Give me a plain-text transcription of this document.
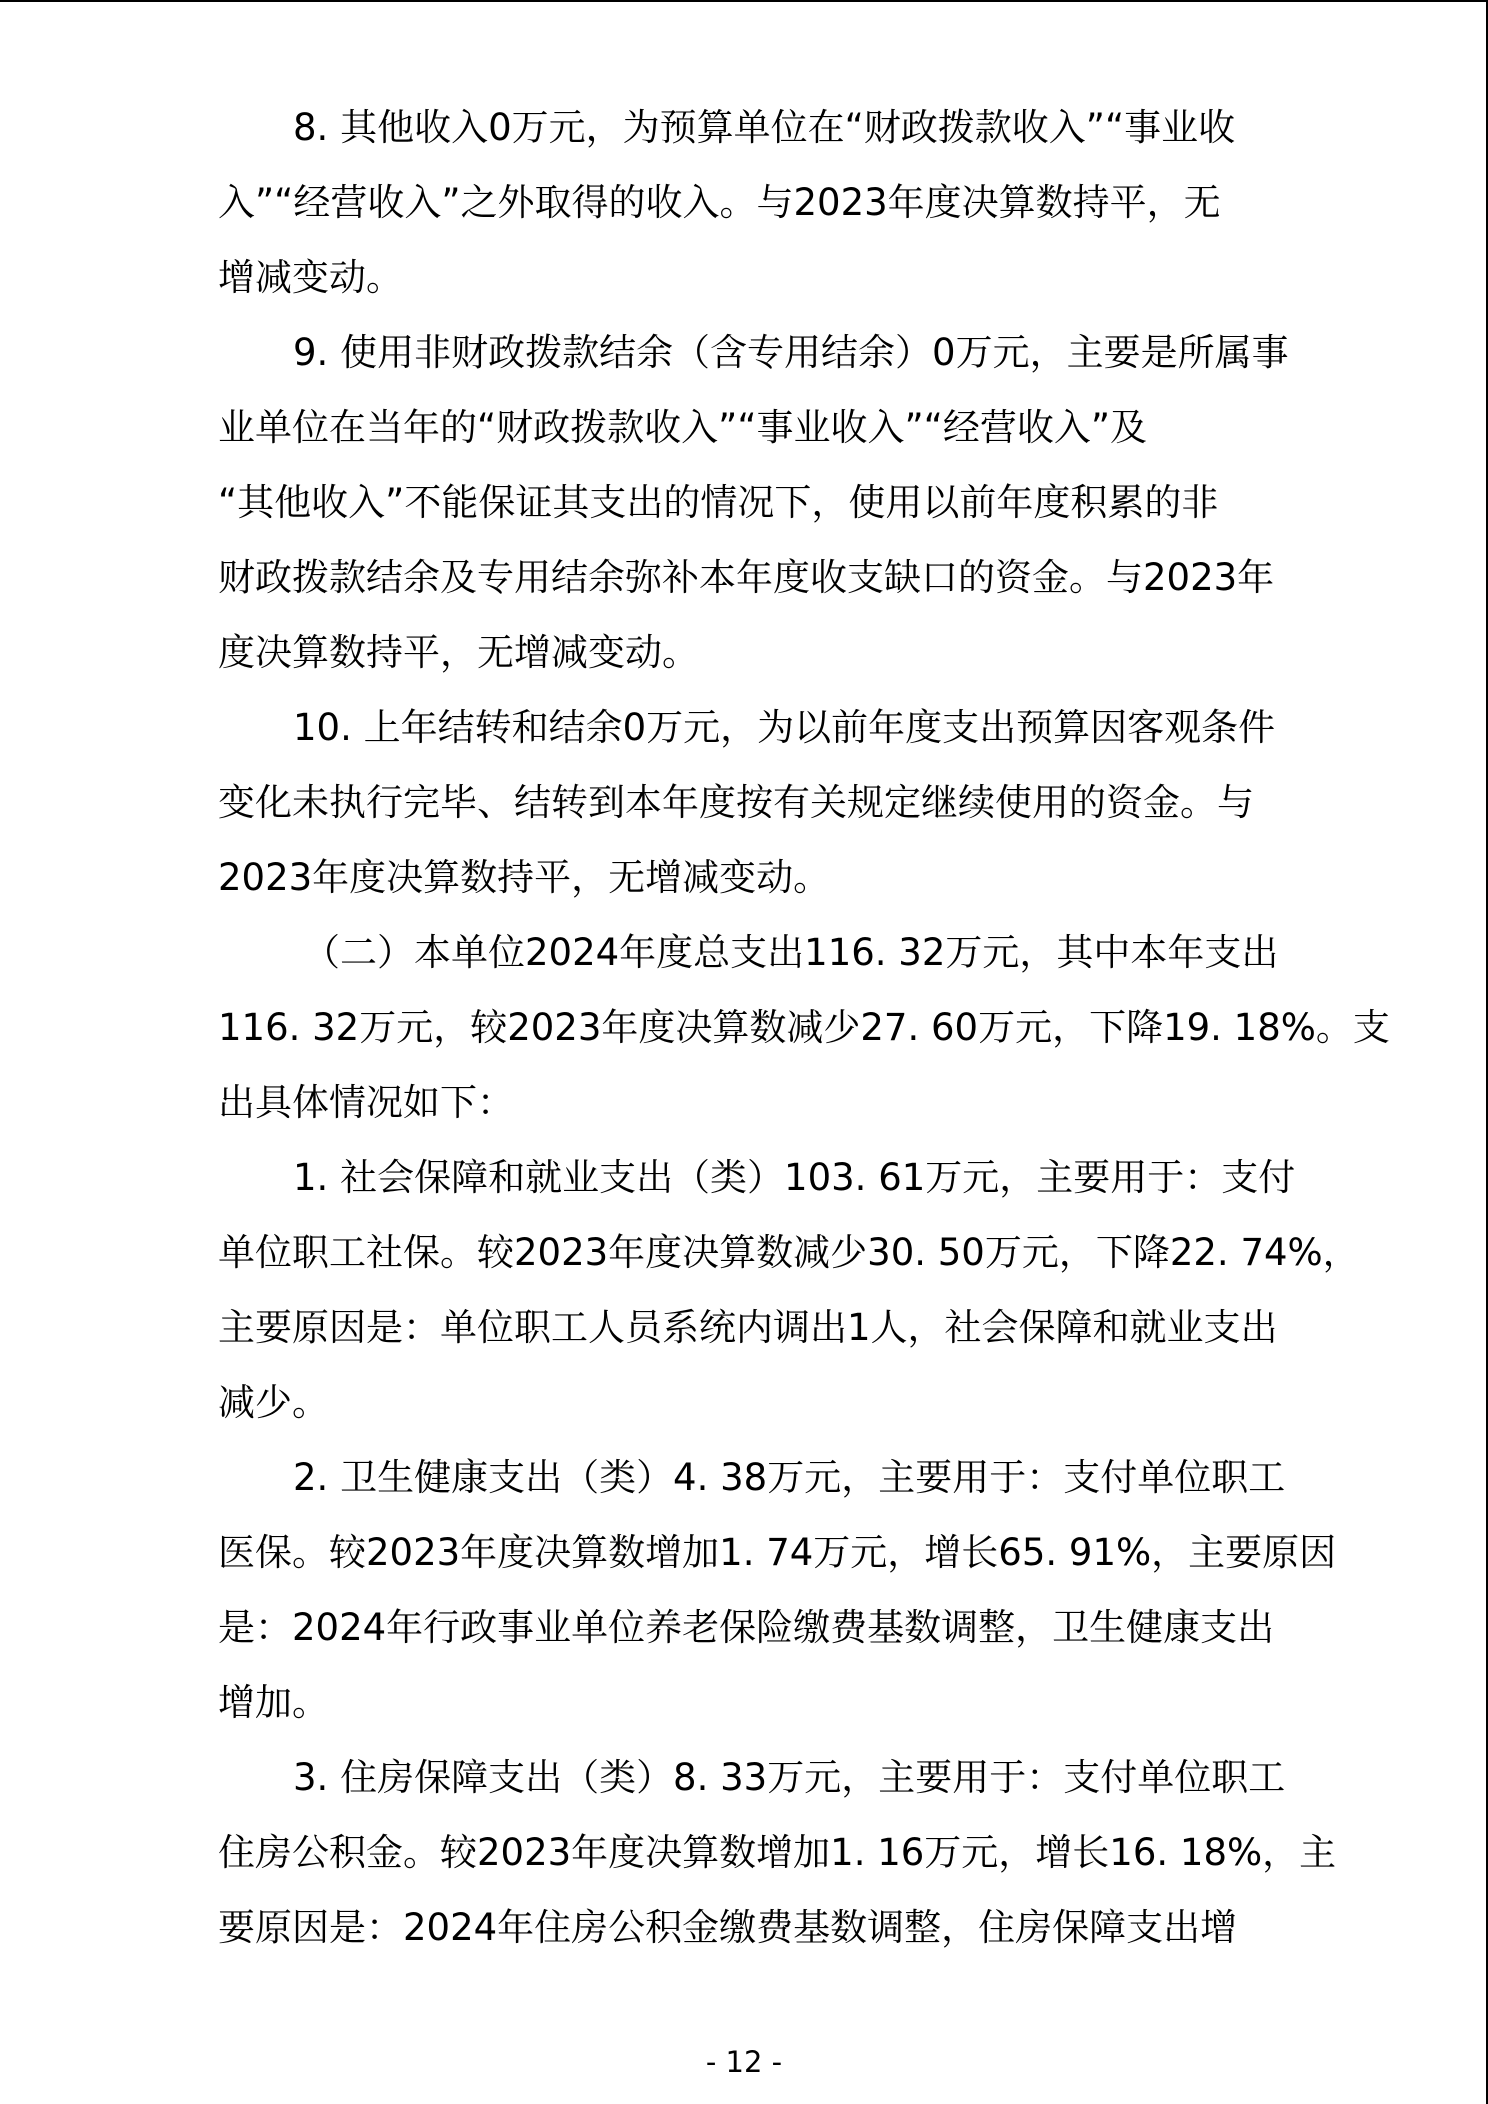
8. 其他收入0万元，为预算单位在“财政拨款收入”“事业收
入”“经营收入”之外取得的收入。与2023年度决算数持平，无
增减变动。
9. 使用非财政拨款结余（含专用结余）0万元，主要是所属事
业单位在当年的“财政拨款收入”“事业收入”“经营收入”及
“其他收入”不能保证其支出的情况下，使用以前年度积累的非
财政拨款结余及专用结余弥补本年度收支缺口的资金。与2023年
度决算数持平，无增减变动。
10. 上年结转和结余0万元，为以前年度支出预算因客观条件
变化未执行完毕、结转到本年度按有关规定继续使用的资金。与
2023年度决算数持平，无增减变动。
（二）本单位2024年度总支出116. 32万元，其中本年支出
116. 32万元，较2023年度决算数减少27. 60万元，下降19. 18%。支
出具体情况如下：
1. 社会保障和就业支出（类）103. 61万元，主要用于：支付
单位职工社保。较2023年度决算数减少30. 50万元，下降22. 74%，
主要原因是：单位职工人员系统内调出1人，社会保障和就业支出
减少。
2. 卫生健康支出（类）4. 38万元，主要用于：支付单位职工
医保。较2023年度决算数增加1. 74万元，增长65. 91%，主要原因
是：2024年行政事业单位养老保险缴费基数调整，卫生健康支出
增加。
3. 住房保障支出（类）8. 33万元，主要用于：支付单位职工
住房公积金。较2023年度决算数增加1. 16万元，增长16. 18%，主
要原因是：2024年住房公积金缴费基数调整，住房保障支出增
- 12 -
